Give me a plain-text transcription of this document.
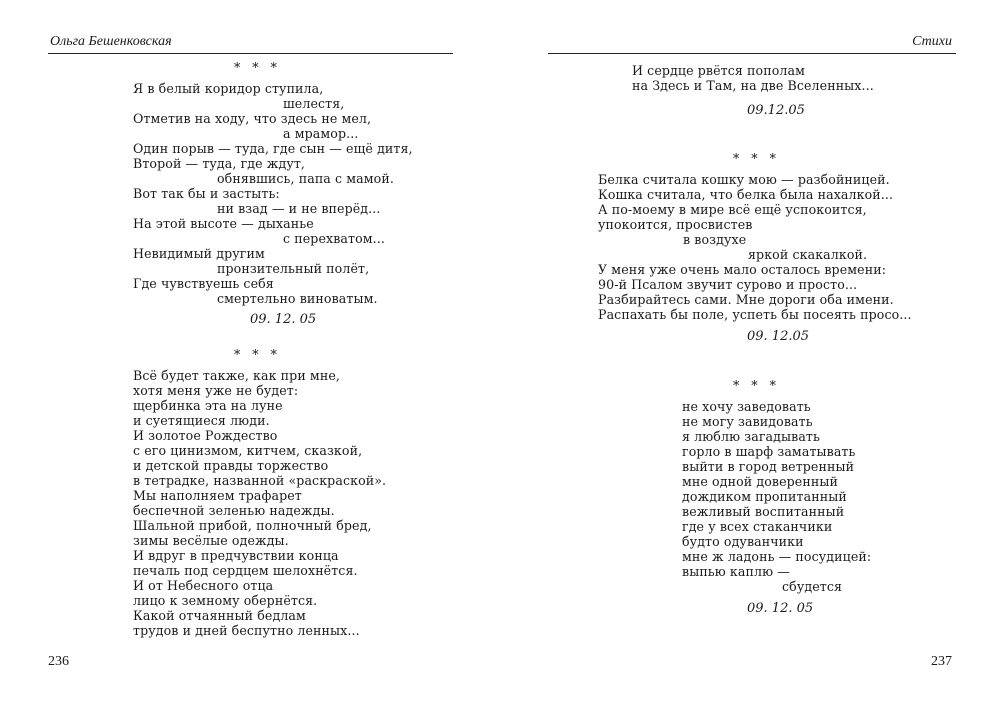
Ольга Бешенковская
* * *
Я в белый коридор ступила,
шелестя,
Отметив на ходу, что здесь не мел,
а мрамор...
Один порыв — туда, где сын — ещё дитя,
Второй — туда, где ждут,
обнявшись, папа с мамой.
Вот так бы и застыть:
ни взад — и не вперёд...
На этой высоте — дыханье
с перехватом...
Невидимый другим
пронзительный полёт,
Где чувствуешь себя
смертельно виноватым.
09. 12. 05
* * *
Всё будет также, как при мне,
хотя меня уже не будет:
щербинка эта на луне
и суетящиеся люди.
И золотое Рождество
с его цинизмом, китчем, сказкой,
и детской правды торжество
в тетрадке, названной «раскраской».
Мы наполняем трафарет
беспечной зеленью надежды.
Шальной прибой, полночный бред,
зимы весёлые одежды.
И вдруг в предчувствии конца
печаль под сердцем шелохнётся.
И от Небесного отца
лицо к земному обернётся.
Какой отчаянный бедлам
трудов и дней беспутно ленных...
236
Стихи
И сердце рвётся пополам
на Здесь и Там, на две Вселенных...
09.12.05
* * *
Белка считала кошку мою — разбойницей.
Кошка считала, что белка была нахалкой...
А по-моему в мире всё ещё успокоится,
упокоится, просвистев
в воздухе
яркой скакалкой.
У меня уже очень мало осталось времени:
90-й Псалом звучит сурово и просто...
Разбирайтесь сами. Мне дороги оба имени.
Распахать бы поле, успеть бы посеять просо...
09. 12.05
* * *
не хочу заведовать
не могу завидовать
я люблю загадывать
горло в шарф заматывать
выйти в город ветренный
мне одной доверенный
дождиком пропитанный
вежливый воспитанный
где у всех стаканчики
будто одуванчики
мне ж ладонь — посудицей:
выпью каплю —
сбудется
09. 12. 05
237
